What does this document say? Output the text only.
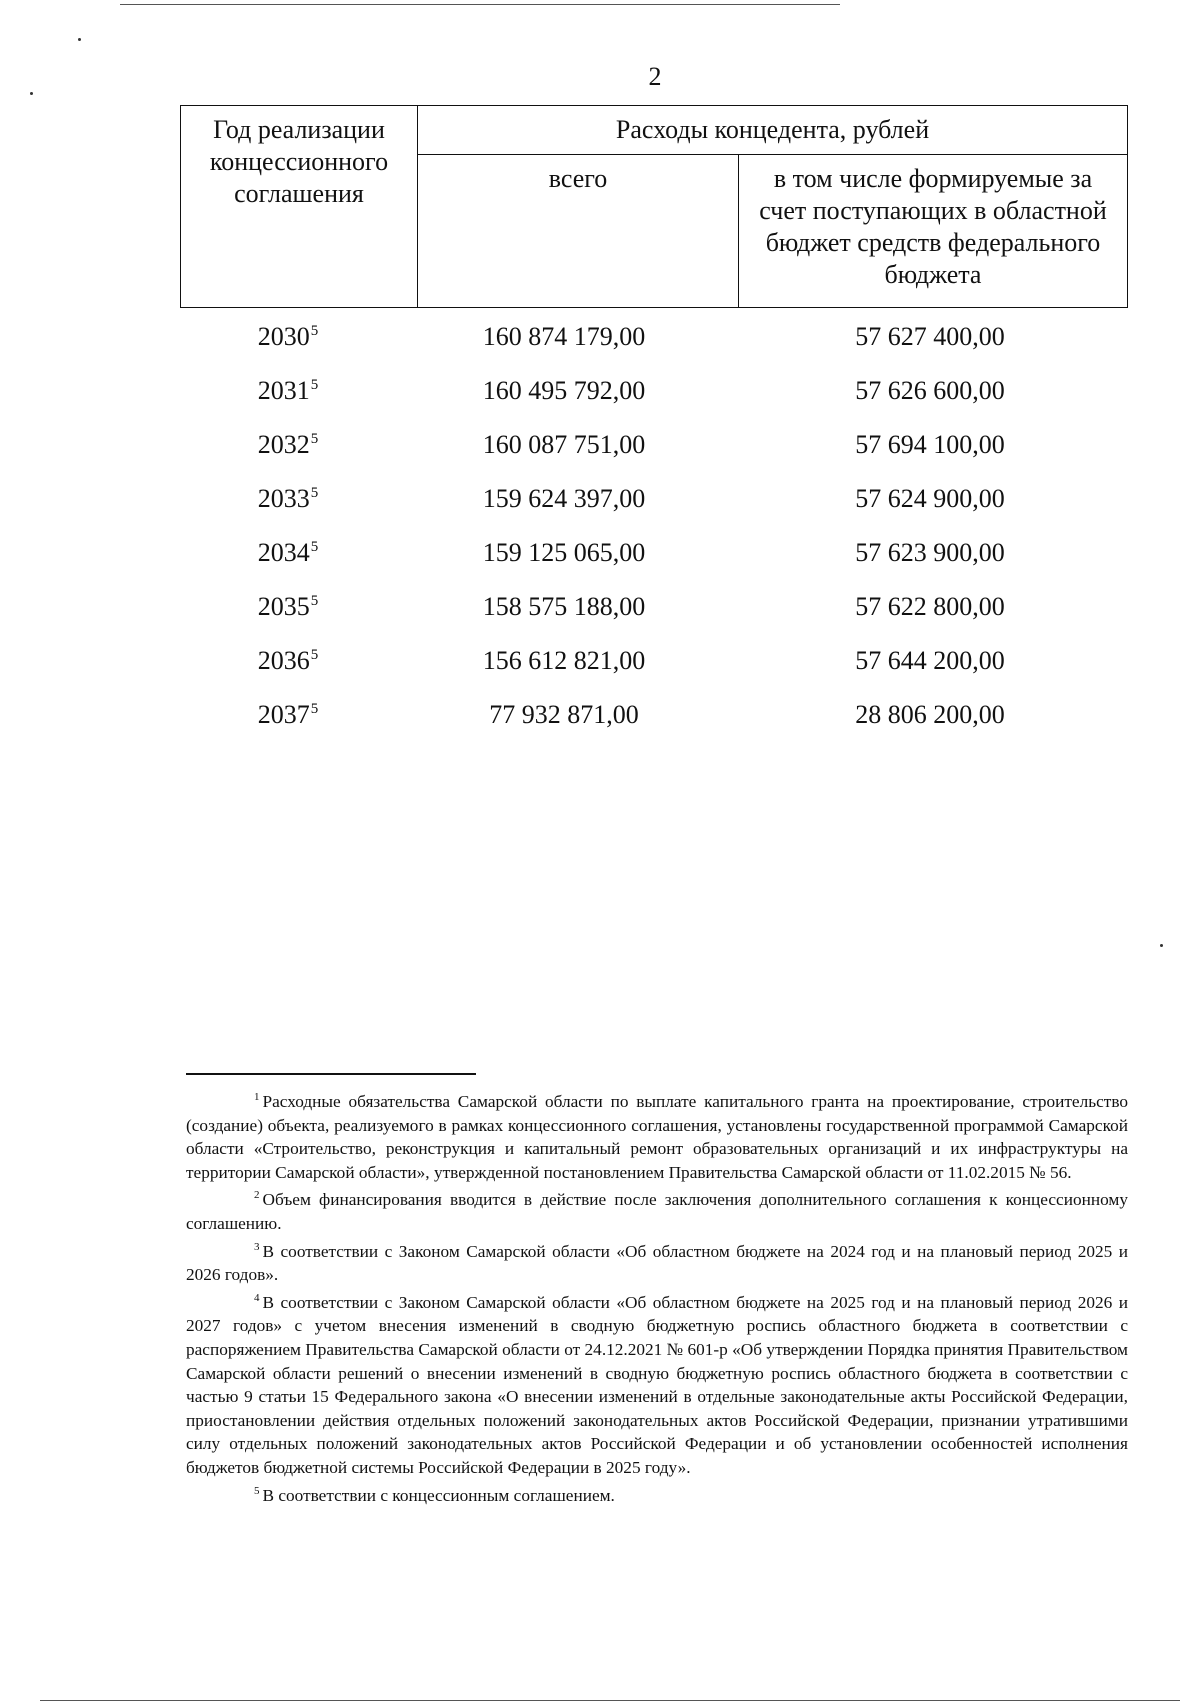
2
Год реализации концессионного соглашения	Расходы концедента, рублей	
	всего	в том числе формируемые за счет поступающих в областной бюджет средств федерального бюджета
2030$^5$	160 874 179,00	57 627 400,00
2031$^5$	160 495 792,00	57 626 600,00
2032$^5$	160 087 751,00	57 694 100,00
2033$^5$	159 624 397,00	57 624 900,00
2034$^5$	159 125 065,00	57 623 900,00
2035$^5$	158 575 188,00	57 622 800,00
2036$^5$	156 612 821,00	57 644 200,00
2037$^5$	77 932 871,00	28 806 200,00

$^1$ Расходные обязательства Самарской области по выплате капитального гранта на проектирование, строительство (создание) объекта, реализуемого в рамках концессионного соглашения, установлены государственной программой Самарской области «Строительство, реконструкция и капитальный ремонт образовательных организаций и их инфраструктуры на территории Самарской области», утвержденной постановлением Правительства Самарской области от 11.02.2015 № 56.

$^2$ Объем финансирования вводится в действие после заключения дополнительного соглашения к концессионному соглашению.

$^3$ В соответствии с Законом Самарской области «Об областном бюджете на 2024 год и на плановый период 2025 и 2026 годов».

$^4$ В соответствии с Законом Самарской области «Об областном бюджете на 2025 год и на плановый период 2026 и 2027 годов» с учетом внесения изменений в сводную бюджетную роспись областного бюджета в соответствии с распоряжением Правительства Самарской области от 24.12.2021 № 601-р «Об утверждении Порядка принятия Правительством Самарской области решений о внесении изменений в сводную бюджетную роспись областного бюджета в соответствии с частью 9 статьи 15 Федерального закона «О внесении изменений в отдельные законодательные акты Российской Федерации, приостановлении действия отдельных положений законодательных актов Российской Федерации, признании утратившими силу отдельных положений законодательных актов Российской Федерации и об установлении особенностей исполнения бюджетов бюджетной системы Российской Федерации в 2025 году».

$^5$ В соответствии с концессионным соглашением.
